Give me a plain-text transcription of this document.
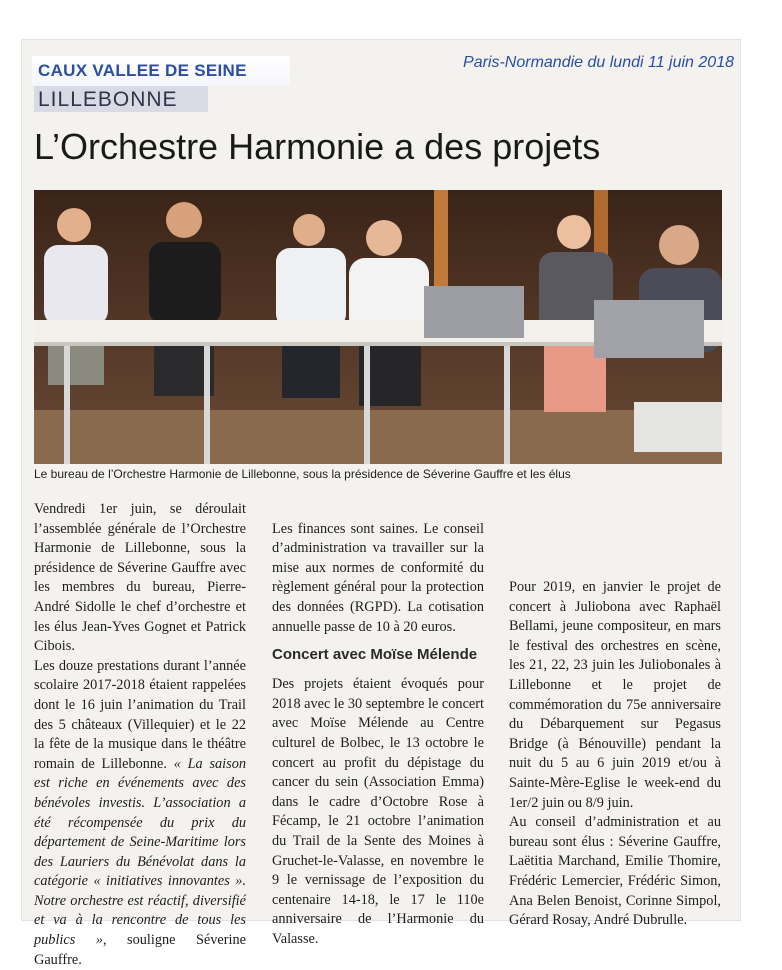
CAUX VALLEE DE SEINE	Paris-Normandie du lundi 11 juin 2018
LILLEBONNE
L’Orchestre Harmonie a des projets
Le bureau de l’Orchestre Harmonie de Lillebonne, sous la présidence de Séverine Gauffre et les élus

Vendredi 1er juin, se déroulait l’assemblée générale de l’Orchestre Harmonie de Lillebonne, sous la présidence de Séverine Gauffre avec les membres du bureau, Pierre-André Sidolle le chef d’orchestre et les élus Jean-Yves Gognet et Patrick Cibois.

Les douze prestations durant l’année scolaire 2017-2018 étaient rappelées dont le 16 juin l’animation du Trail des 5 châteaux (Villequier) et le 22 la fête de la musique dans le théâtre romain de Lillebonne. « La saison est riche en événements avec des bénévoles investis. L’association a été récompensée du prix du département de Seine-Maritime lors des Lauriers du Bénévolat dans la catégorie « initiatives innovantes ». Notre orchestre est réactif, diversifié et va à la rencontre de tous les publics », souligne Séverine Gauffre.

Les finances sont saines. Le conseil d’administration va travailler sur la mise aux normes de conformité du règlement général pour la protection des données (RGPD). La cotisation annuelle passe de 10 à 20 euros.

Concert avec Moïse Mélende

Des projets étaient évoqués pour 2018 avec le 30 septembre le concert avec Moïse Mélende au Centre culturel de Bolbec, le 13 octobre le concert au profit du dépistage du cancer du sein (Association Emma) dans le cadre d’Octobre Rose à Fécamp, le 21 octobre l’animation du Trail de la Sente des Moines à Gruchet-le-Valasse, en novembre le 9 le vernissage de l’exposition du centenaire 14-18, le 17 le 110e anniversaire de l’Harmonie du Valasse.

Pour 2019, en janvier le projet de concert à Juliobona avec Raphaël Bellami, jeune compositeur, en mars le festival des orchestres en scène, les 21, 22, 23 juin les Juliobonales à Lillebonne et le projet de commémoration du 75e anniversaire du Débarquement sur Pegasus Bridge (à Bénouville) pendant la nuit du 5 au 6 juin 2019 et/ou à Sainte-Mère-Eglise le week-end du 1er/2 juin ou 8/9 juin.

Au conseil d’administration et au bureau sont élus : Séverine Gauffre, Laëtitia Marchand, Emilie Thomire, Frédéric Lemercier, Frédéric Simon, Ana Belen Benoist, Corinne Simpol, Gérard Rosay, André Dubrulle.
